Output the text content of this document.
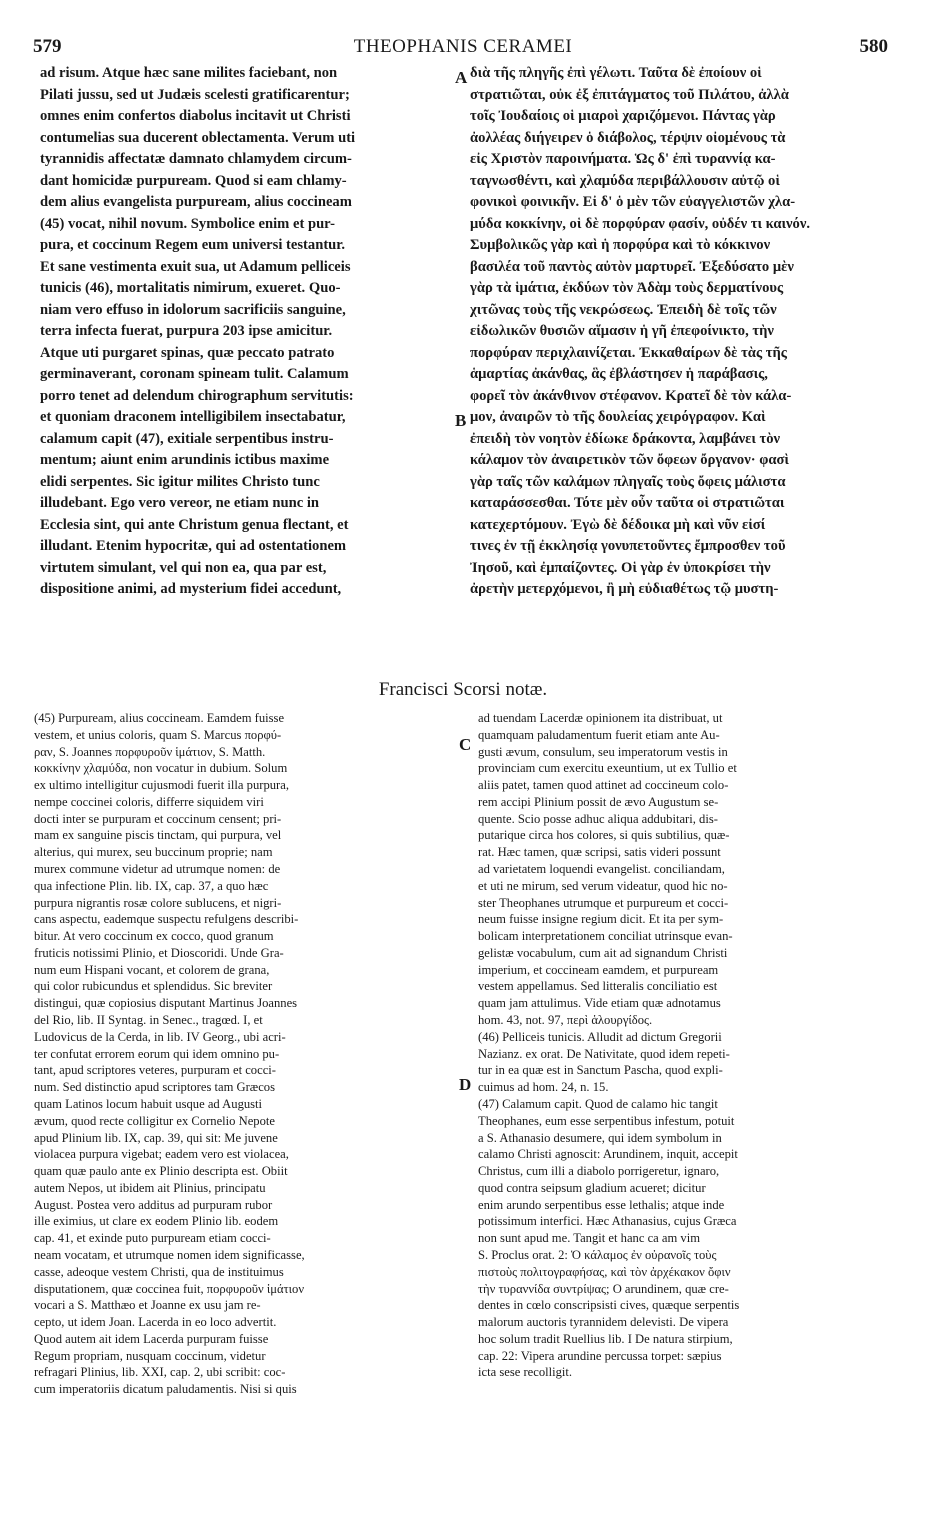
579	THEOPHANIS CERAMEI	580
ad risum. Atque hæc sane milites faciebant, non
Pilati jussu, sed ut Judæis scelesti gratificarentur;
omnes enim confertos diabolus incitavit ut Christi
contumelias sua ducerent oblectamenta. Verum uti
tyrannidis affectatæ damnato chlamydem circum-
dant homicidæ purpuream. Quod si eam chlamy-
dem alius evangelista purpuream, alius coccineam
(45) vocat, nihil novum. Symbolice enim et pur-
pura, et coccinum Regem eum universi testantur.
Et sane vestimenta exuit sua, ut Adamum pelliceis
tunicis (46), mortalitatis nimirum, exueret. Quo-
niam vero effuso in idolorum sacrificiis sanguine,
terra infecta fuerat, purpura 203 ipse amicitur.
Atque uti purgaret spinas, quæ peccato patrato
germinaverant, coronam spineam tulit. Calamum
porro tenet ad delendum chirographum servitutis:
et quoniam draconem intelligibilem insectabatur,
calamum capit (47), exitiale serpentibus instru-
mentum; aiunt enim arundinis ictibus maxime
elidi serpentes. Sic igitur milites Christo tunc
illudebant. Ego vero vereor, ne etiam nunc in
Ecclesia sint, qui ante Christum genua flectant, et
illudant. Etenim hypocritæ, qui ad ostentationem
virtutem simulant, vel qui non ea, qua par est,
dispositione animi, ad mysterium fidei accedunt,
διὰ τῆς πληγῆς ἐπὶ γέλωτι. Ταῦτα δὲ ἐποίουν οἱ
στρατιῶται, οὐκ ἐξ ἐπιτάγματος τοῦ Πιλάτου, ἀλλὰ
τοῖς Ἰουδαίοις οἱ μιαροὶ χαριζόμενοι. Πάντας γὰρ
ἀολλέας διήγειρεν ὁ διάβολος, τέρψιν οἰομένους τὰ
εἰς Χριστὸν παροινήματα. Ὡς δ' ἐπὶ τυραννίᾳ κα-
ταγνωσθέντι, καὶ χλαμύδα περιβάλλουσιν αὐτῷ οἱ
φονικοὶ φοινικῆν. Εἰ δ' ὁ μὲν τῶν εὐαγγελιστῶν χλα-
μύδα κοκκίνην, οἱ δὲ πορφύραν φασίν, οὐδέν τι καινόν.
Συμβολικῶς γὰρ καὶ ἡ πορφύρα καὶ τὸ κόκκινον
βασιλέα τοῦ παντὸς αὐτὸν μαρτυρεῖ. Ἐξεδύσατο μὲν
γὰρ τὰ ἱμάτια, ἐκδύων τὸν Ἀδὰμ τοὺς δερματίνους
χιτῶνας τοὺς τῆς νεκρώσεως. Ἐπειδὴ δὲ τοῖς τῶν
εἰδωλικῶν θυσιῶν αἵμασιν ἡ γῆ ἐπεφοίνικτο, τὴν
πορφύραν περιχλαινίζεται. Ἐκκαθαίρων δὲ τὰς τῆς
ἁμαρτίας ἀκάνθας, ἃς ἐβλάστησεν ἡ παράβασις,
φορεῖ τὸν ἀκάνθινον στέφανον. Κρατεῖ δὲ τὸν κάλα-
μον, ἀναιρῶν τὸ τῆς δουλείας χειρόγραφον. Καὶ
ἐπειδὴ τὸν νοητὸν ἐδίωκε δράκοντα, λαμβάνει τὸν
κάλαμον τὸν ἀναιρετικὸν τῶν ὄφεων ὄργανον· φασὶ
γὰρ ταῖς τῶν καλάμων πληγαῖς τοὺς ὄφεις μάλιστα
καταράσσεσθαι. Τότε μὲν οὖν ταῦτα οἱ στρατιῶται
κατεχερτόμουν. Ἐγὼ δὲ δέδοικα μὴ καὶ νῦν εἰσί
τινες ἐν τῇ ἐκκλησίᾳ γονυπετοῦντες ἔμπροσθεν τοῦ
Ἰησοῦ, καὶ ἐμπαίζοντες. Οἱ γὰρ ἐν ὑποκρίσει τὴν
ἀρετὴν μετερχόμενοι, ἢ μὴ εὐδιαθέτως τῷ μυστη-
A
B
C
D
Francisci Scorsi notæ.
(45) Purpuream, alius coccineam. Eamdem fuisse
vestem, et unius coloris, quam S. Marcus πορφύ-
ραν, S. Joannes πορφυροῦν ἱμάτιον, S. Matth.
κοκκίνην χλαμύδα, non vocatur in dubium. Solum
ex ultimo intelligitur cujusmodi fuerit illa purpura,
nempe coccinei coloris, differre siquidem viri
docti inter se purpuram et coccinum censent; pri-
mam ex sanguine piscis tinctam, qui purpura, vel
alterius, qui murex, seu buccinum proprie; nam
murex commune videtur ad utrumque nomen: de
qua infectione Plin. lib. IX, cap. 37, a quo hæc
purpura nigrantis rosæ colore sublucens, et nigri-
cans aspectu, eademque suspectu refulgens describi-
bitur. At vero coccinum ex cocco, quod granum
fruticis notissimi Plinio, et Dioscoridi. Unde Gra-
num eum Hispani vocant, et colorem de grana,
qui color rubicundus et splendidus. Sic breviter
distingui, quæ copiosius disputant Martinus Joannes
del Rio, lib. II Syntag. in Senec., tragœd. I, et
Ludovicus de la Cerda, in lib. IV Georg., ubi acri-
ter confutat errorem eorum qui idem omnino pu-
tant, apud scriptores veteres, purpuram et cocci-
num. Sed distinctio apud scriptores tam Græcos
quam Latinos locum habuit usque ad Augusti
ævum, quod recte colligitur ex Cornelio Nepote
apud Plinium lib. IX, cap. 39, qui sit: Me juvene
violacea purpura vigebat; eadem vero est violacea,
quam quæ paulo ante ex Plinio descripta est. Obiit
autem Nepos, ut ibidem ait Plinius, principatu
August. Postea vero additus ad purpuram rubor
ille eximius, ut clare ex eodem Plinio lib. eodem
cap. 41, et exinde puto purpuream etiam cocci-
neam vocatam, et utrumque nomen idem significasse,
casse, adeoque vestem Christi, qua de instituimus
disputationem, quæ coccinea fuit, πορφυροῦν ἱμάτιον
vocari a S. Matthæo et Joanne ex usu jam re-
cepto, ut idem Joan. Lacerda in eo loco advertit.
Quod autem ait idem Lacerda purpuram fuisse
Regum propriam, nusquam coccinum, videtur
refragari Plinius, lib. XXI, cap. 2, ubi scribit: coc-
cum imperatoriis dicatum paludamentis. Nisi si quis
ad tuendam Lacerdæ opinionem ita distribuat, ut
quamquam paludamentum fuerit etiam ante Au-
gusti ævum, consulum, seu imperatorum vestis in
provinciam cum exercitu exeuntium, ut ex Tullio et
aliis patet, tamen quod attinet ad coccineum colo-
rem accipi Plinium possit de ævo Augustum se-
quente. Scio posse adhuc aliqua addubitari, dis-
putarique circa hos colores, si quis subtilius, quæ-
rat. Hæc tamen, quæ scripsi, satis videri possunt
ad varietatem loquendi evangelist. conciliandam,
et uti ne mirum, sed verum videatur, quod hic no-
ster Theophanes utrumque et purpureum et cocci-
neum fuisse insigne regium dicit. Et ita per sym-
bolicam interpretationem conciliat utrinsque evan-
gelistæ vocabulum, cum ait ad signandum Christi
imperium, et coccineam eamdem, et purpuream
vestem appellamus. Sed litteralis conciliatio est
quam jam attulimus. Vide etiam quæ adnotamus
hom. 43, not. 97, περὶ ἁλουργίδος.
(46) Pelliceis tunicis. Alludit ad dictum Gregorii
Nazianz. ex orat. De Nativitate, quod idem repeti-
tur in ea quæ est in Sanctum Pascha, quod expli-
cuimus ad hom. 24, n. 15.
(47) Calamum capit. Quod de calamo hic tangit
Theophanes, eum esse serpentibus infestum, potuit
a S. Athanasio desumere, qui idem symbolum in
calamo Christi agnoscit: Arundinem, inquit, accepit
Christus, cum illi a diabolo porrigeretur, ignaro,
quod contra seipsum gladium acueret; dicitur
enim arundo serpentibus esse lethalis; atque inde
potissimum interfici. Hæc Athanasius, cujus Græca
non sunt apud me. Tangit et hanc ca am vim
S. Proclus orat. 2: Ὁ κάλαμος ἐν οὐρανοῖς τοὺς
πιστοὺς πολιτογραφήσας, καὶ τὸν ἀρχέκακον ὄφιν
τὴν τυραννίδα συντρίψας; O arundinem, quæ cre-
dentes in cœlo conscripsisti cives, quæque serpentis
malorum auctoris tyrannidem delevisti. De vipera
hoc solum tradit Ruellius lib. I De natura stirpium,
cap. 22: Vipera arundine percussa torpet: sæpius
icta sese recolligit.
